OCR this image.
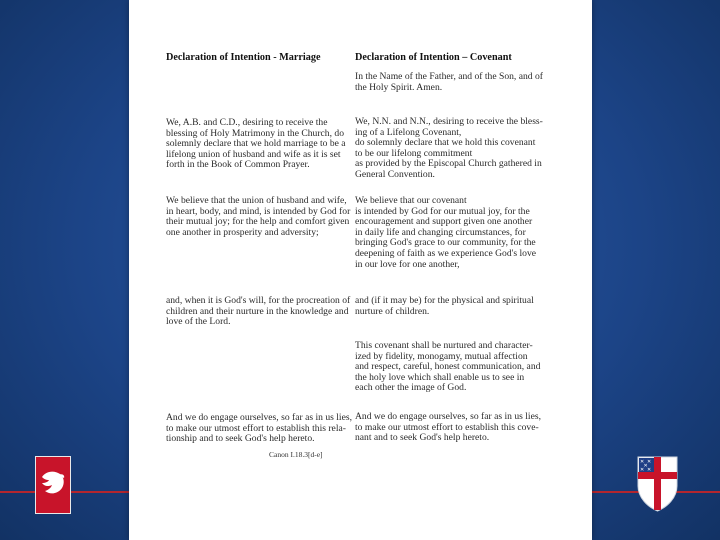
Declaration of Intention - Marriage
We, A.B. and C.D., desiring to receive the
blessing of Holy Matrimony in the Church, do
solemnly declare that we hold marriage to be a
lifelong union of husband and wife as it is set
forth in the Book of Common Prayer.
We believe that the union of husband and wife,
in heart, body, and mind, is intended by God for
their mutual joy; for the help and comfort given
one another in prosperity and adversity;
and, when it is God's will, for the procreation of
children and their nurture in the knowledge and
love of the Lord.
And we do engage ourselves, so far as in us lies,
to make our utmost effort to establish this rela-
tionship and to seek God's help hereto.
Canon I.18.3[d-e]
Declaration of Intention – Covenant
In the Name of the Father, and of the Son, and of
the Holy Spirit. Amen.
We, N.N. and N.N., desiring to receive the bless-
ing of a Lifelong Covenant,
do solemnly declare that we hold this covenant
to be our lifelong commitment
as provided by the Episcopal Church gathered in
General Convention.
We believe that our covenant
is intended by God for our mutual joy, for the
encouragement and support given one another
in daily life and changing circumstances, for
bringing God's grace to our community, for the
deepening of faith as we experience God's love
in our love for one another,
and (if it may be) for the physical and spiritual
nurture of children.
This covenant shall be nurtured and character-
ized by fidelity, monogamy, mutual affection
and respect, careful, honest communication, and
the holy love which shall enable us to see in
each other the image of God.
And we do engage ourselves, so far as in us lies,
to make our utmost effort to establish this cove-
nant and to seek God's help hereto.
✕ ✕
✕
✕ ✕
